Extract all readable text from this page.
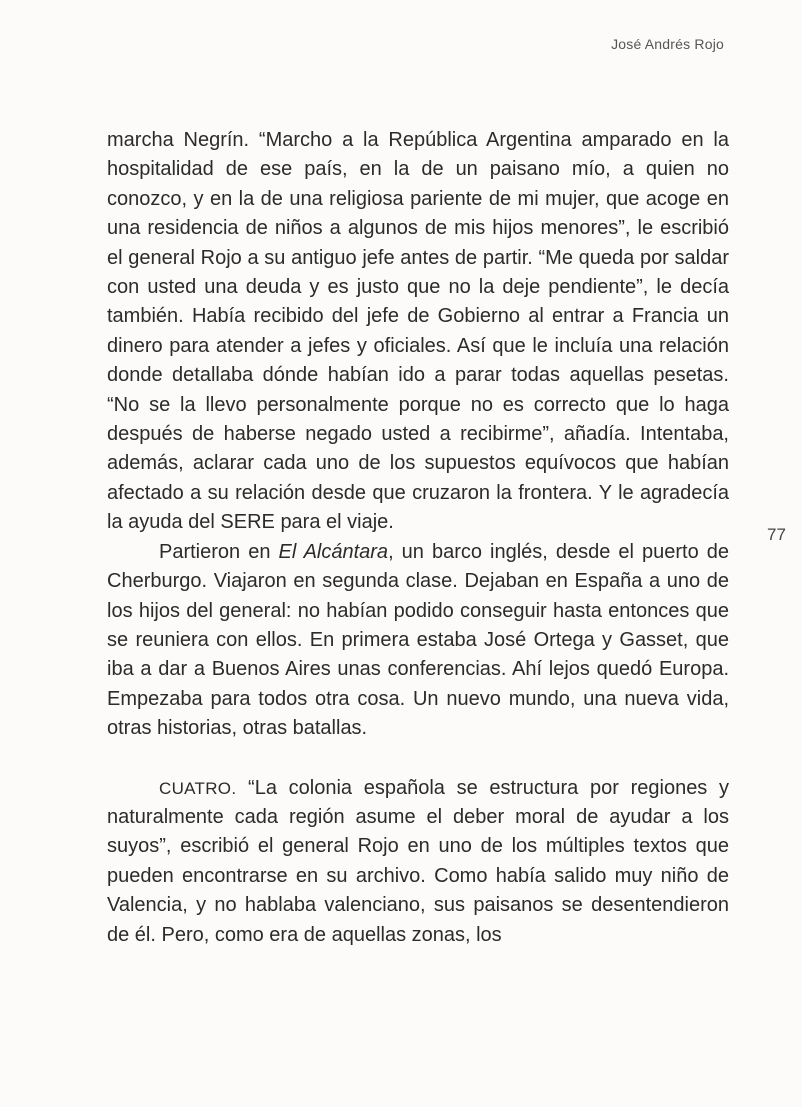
José Andrés Rojo
77

marcha Negrín. “Marcho a la República Argentina amparado en la hospitalidad de ese país, en la de un paisano mío, a quien no conozco, y en la de una religiosa pariente de mi mujer, que acoge en una residencia de niños a algunos de mis hijos menores”, le escribió el general Rojo a su antiguo jefe antes de partir. “Me queda por saldar con usted una deuda y es justo que no la deje pendiente”, le decía también. Había recibido del jefe de Gobierno al entrar a Francia un dinero para atender a jefes y oficiales. Así que le incluía una relación donde detallaba dónde habían ido a parar todas aquellas pesetas. “No se la llevo personalmente porque no es correcto que lo haga después de haberse negado usted a recibirme”, añadía. Intentaba, además, aclarar cada uno de los supuestos equívocos que habían afectado a su relación desde que cruzaron la frontera. Y le agradecía la ayuda del SERE para el viaje.

Partieron en El Alcántara, un barco inglés, desde el puerto de Cherburgo. Viajaron en segunda clase. Dejaban en España a uno de los hijos del general: no habían podido conseguir hasta entonces que se reuniera con ellos. En primera estaba José Ortega y Gasset, que iba a dar a Buenos Aires unas conferencias. Ahí lejos quedó Europa. Empezaba para todos otra cosa. Un nuevo mundo, una nueva vida, otras historias, otras batallas.

CUATRO. “La colonia española se estructura por regiones y naturalmente cada región asume el deber moral de ayudar a los suyos”, escribió el general Rojo en uno de los múltiples textos que pueden encontrarse en su archivo. Como había salido muy niño de Valencia, y no hablaba valenciano, sus paisanos se desentendieron de él. Pero, como era de aquellas zonas, los
